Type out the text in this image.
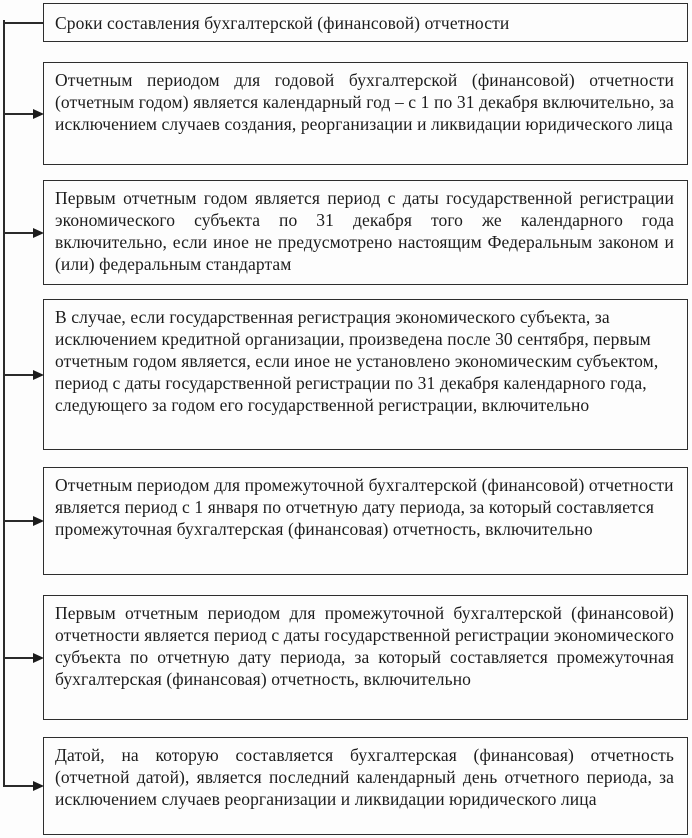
Сроки составления бухгалтерской (финансовой) отчетности
Отчетным периодом для годовой бухгалтерской (финансовой) отчетности (отчетным годом) является календарный год – с 1 по 31 декабря включительно, за исключением случаев создания, реорганизации и ликвидации юридического лица
Первым отчетным годом является период с даты государственной регистрации экономического субъекта по 31 декабря того же календарного года включительно, если иное не предусмотрено настоящим Федеральным законом и (или) федеральным стандартам
В случае, если государственная регистрация экономического субъекта, за исключением кредитной организации, произведена после 30 сентября, первым отчетным годом является, если иное не установлено экономическим субъектом, период с даты государственной регистрации по 31 декабря календарного года, следующего за годом его государственной регистрации, включительно
Отчетным периодом для промежуточной бухгалтерской (финансовой) отчетности является период с 1 января по отчетную дату периода, за который составляется промежуточная бухгалтерская (финансовая) отчетность, включительно
Первым отчетным периодом для промежуточной бухгалтерской (финансовой) отчетности является период с даты государственной регистрации экономического субъекта по отчетную дату периода, за который составляется промежуточная бухгалтерская (финансовая) отчетность, включительно
Датой, на которую составляется бухгалтерская (финансовая) отчетность (отчетной датой), является последний календарный день отчетного периода, за исключением случаев реорганизации и ликвидации юридического лица
